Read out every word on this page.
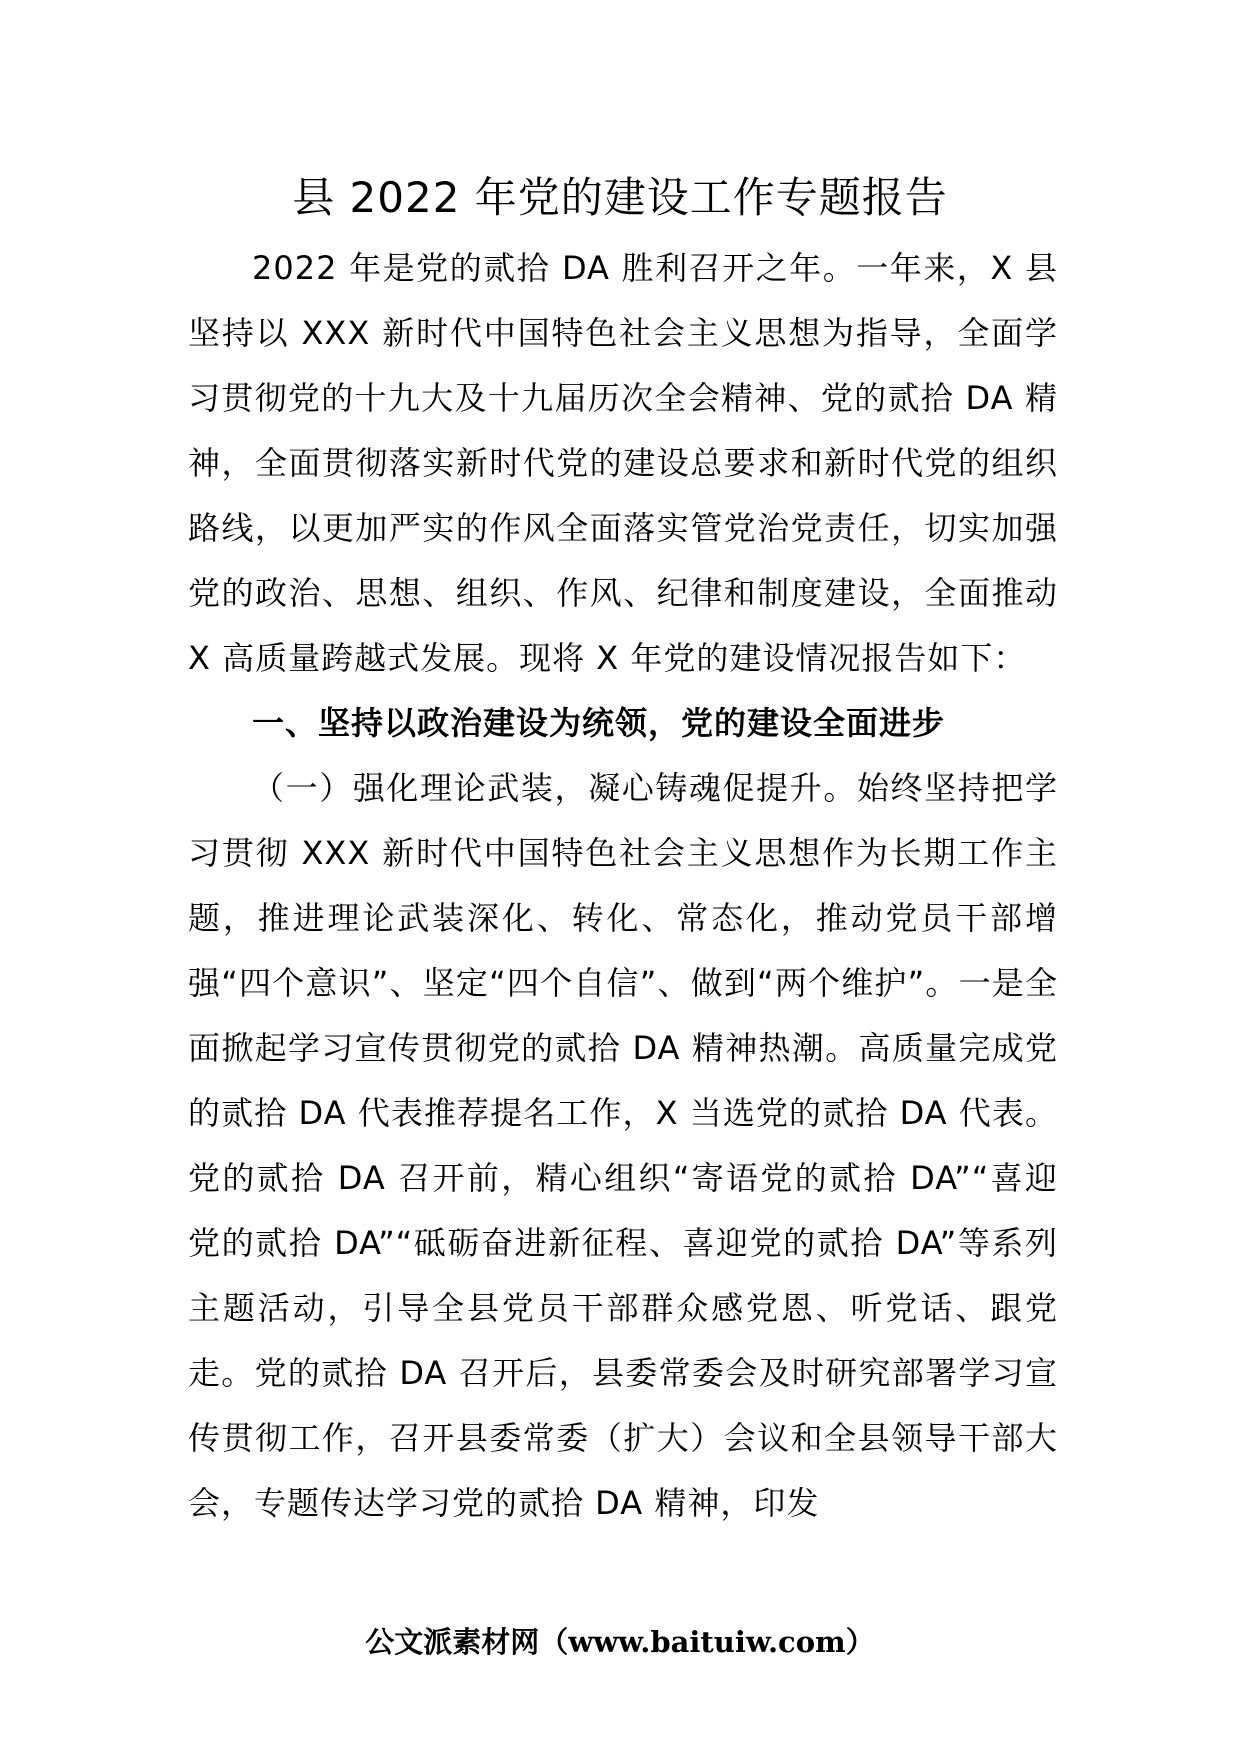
县 2022 年党的建设工作专题报告

2022 年是党的贰拾 DA 胜利召开之年。一年来，X 县坚持以 XXX 新时代中国特色社会主义思想为指导，全面学习贯彻党的十九大及十九届历次全会精神、党的贰拾 DA 精神，全面贯彻落实新时代党的建设总要求和新时代党的组织路线，以更加严实的作风全面落实管党治党责任，切实加强党的政治、思想、组织、作风、纪律和制度建设，全面推动 X 高质量跨越式发展。现将 X 年党的建设情况报告如下：

一、坚持以政治建设为统领，党的建设全面进步

（一）强化理论武装，凝心铸魂促提升。始终坚持把学习贯彻 XXX 新时代中国特色社会主义思想作为长期工作主题，推进理论武装深化、转化、常态化，推动党员干部增强“四个意识”、坚定“四个自信”、做到“两个维护”。一是全面掀起学习宣传贯彻党的贰拾 DA 精神热潮。高质量完成党的贰拾 DA 代表推荐提名工作，X 当选党的贰拾 DA 代表。党的贰拾 DA 召开前，精心组织“寄语党的贰拾 DA”“喜迎党的贰拾 DA”“砥砺奋进新征程、喜迎党的贰拾 DA”等系列主题活动，引导全县党员干部群众感党恩、听党话、跟党走。党的贰拾 DA 召开后，县委常委会及时研究部署学习宣传贯彻工作，召开县委常委（扩大）会议和全县领导干部大会，专题传达学习党的贰拾 DA 精神，印发

公文派素材网（www.baituiw.com）
